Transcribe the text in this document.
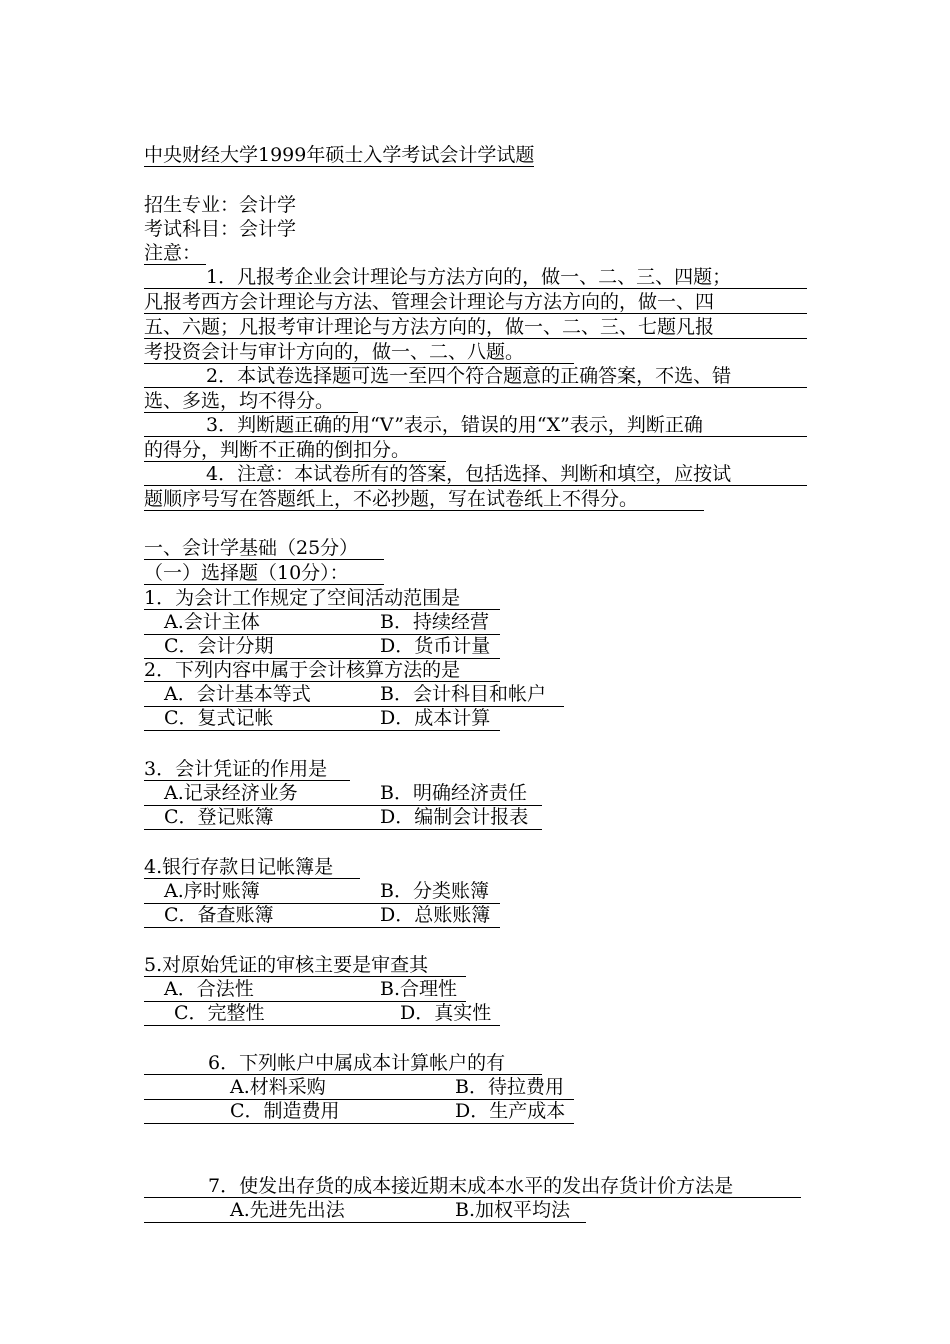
中央财经大学1999年硕士入学考试会计学试题
招生专业：会计学
考试科目：会计学
注意：
1．凡报考企业会计理论与方法方向的，做一、二、三、四题；
凡报考西方会计理论与方法、管理会计理论与方法方向的，做一、四
五、六题；凡报考审计理论与方法方向的，做一、二、三、七题凡报
考投资会计与审计方向的，做一、二、八题。
2．本试卷选择题可选一至四个符合题意的正确答案，不选、错
选、多选，均不得分。
3．判断题正确的用“V”表示，错误的用“X”表示，判断正确
的得分，判断不正确的倒扣分。
4．注意：本试卷所有的答案，包括选择、判断和填空，应按试
题顺序号写在答题纸上，不必抄题，写在试卷纸上不得分。
一、会计学基础（25分）
（一）选择题（10分）：
1．为会计工作规定了空间活动范围是
A.会计主体	B．持续经营
C．会计分期	D．货币计量
2．下列内容中属于会计核算方法的是
A．会计基本等式	B．会计科目和帐户
C．复式记帐	D．成本计算
3．会计凭证的作用是
A.记录经济业务	B．明确经济责任
C．登记账簿	D．编制会计报表
4.银行存款日记帐簿是
A.序时账簿	B．分类账簿
C．备查账簿	D．总账账簿
5.对原始凭证的审核主要是审查其
A．合法性	B.合理性
C．完整性	D．真实性
6．下列帐户中属成本计算帐户的有
A.材料采购	B．待拉费用
C．制造费用	D．生产成本
7．使发出存货的成本接近期末成本水平的发出存货计价方法是
A.先进先出法	B.加权平均法
